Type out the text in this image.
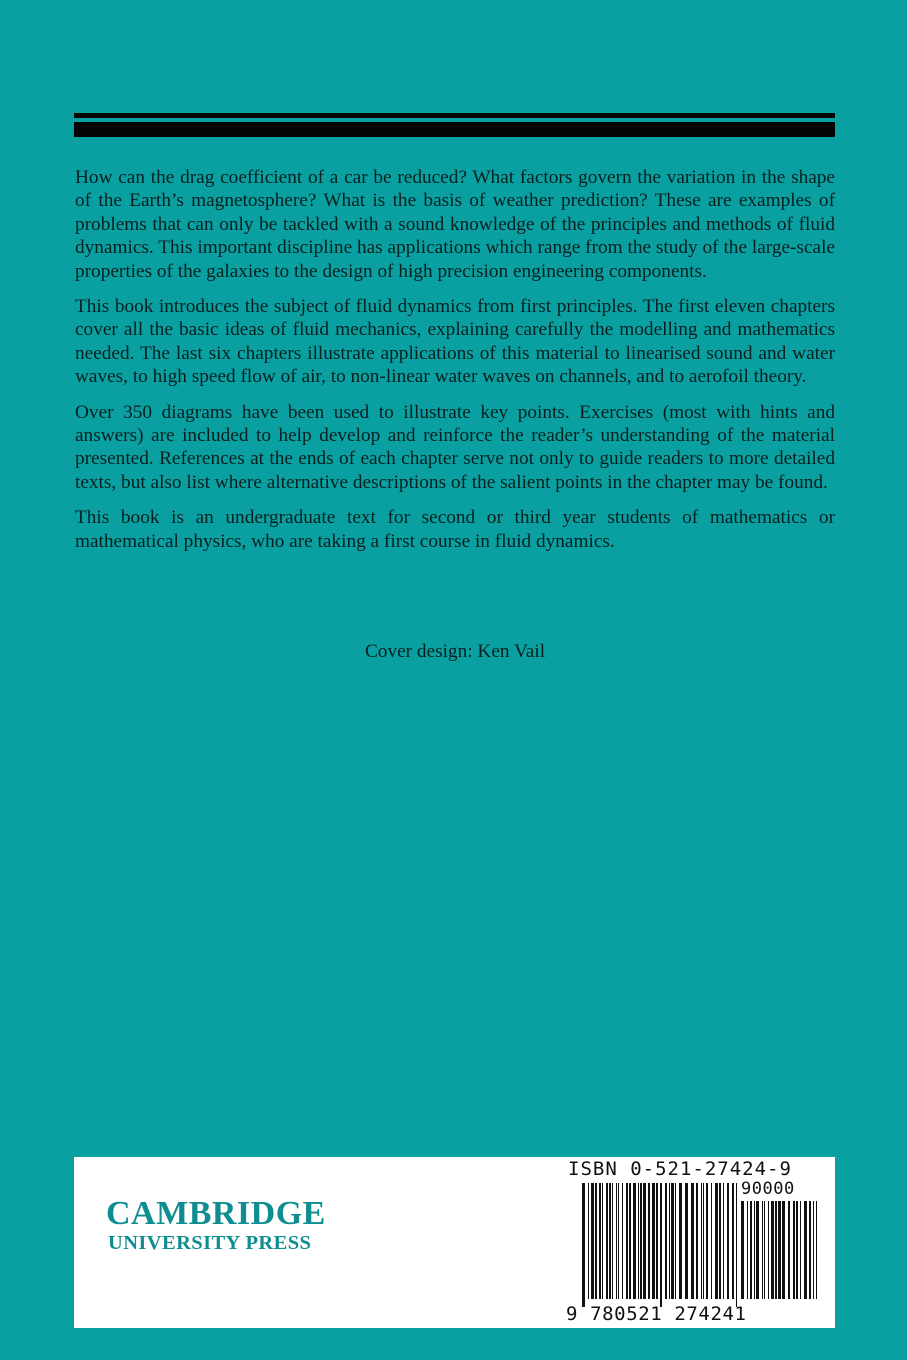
How can the drag coefficient of a car be reduced? What factors govern the variation in the shape of the Earth’s magnetosphere? What is the basis of weather prediction? These are examples of problems that can only be tackled with a sound knowledge of the principles and methods of fluid dynamics. This important discipline has applications which range from the study of the large-scale properties of the galaxies to the design of high precision engineering components.

This book introduces the subject of fluid dynamics from first principles. The first eleven chapters cover all the basic ideas of fluid mechanics, explaining carefully the modelling and mathematics needed. The last six chapters illustrate applications of this material to linearised sound and water waves, to high speed flow of air, to non-linear water waves on channels, and to aerofoil theory.

Over 350 diagrams have been used to illustrate key points. Exercises (most with hints and answers) are included to help develop and reinforce the reader’s understanding of the material presented. References at the ends of each chapter serve not only to guide readers to more detailed texts, but also list where alternative descriptions of the salient points in the chapter may be found.

This book is an undergraduate text for second or third year students of mathematics or mathematical physics, who are taking a first course in fluid dynamics.

Cover design: Ken Vail
CAMBRIDGE
UNIVERSITY PRESS
ISBN 0-521-27424-9
90000
9 780521 274241
